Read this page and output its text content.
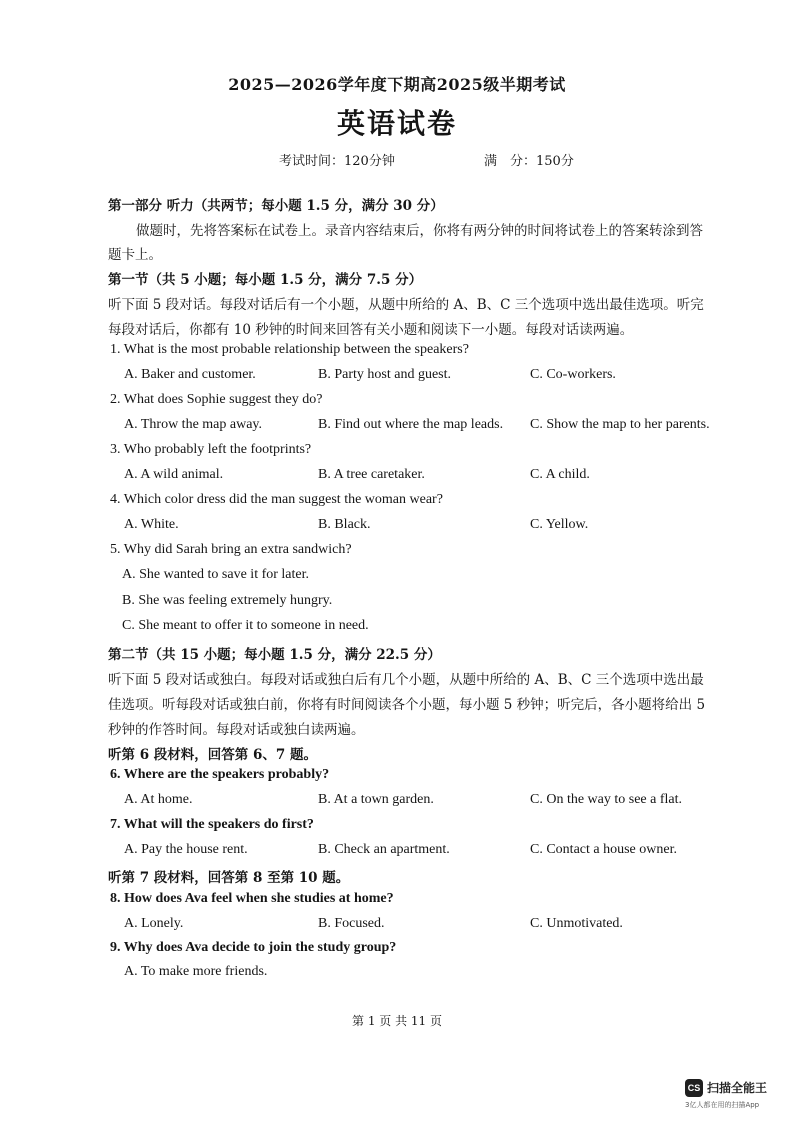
2025—2026学年度下期高2025级半期考试
英语试卷
考试时间：120分钟	满　分：150分
第一部分 听力（共两节；每小题 1.5 分，满分 30 分）
做题时，先将答案标在试卷上。录音内容结束后，你将有两分钟的时间将试卷上的答案转涂到答
题卡上。
第一节（共 5 小题；每小题 1.5 分，满分 7.5 分）
听下面 5 段对话。每段对话后有一个小题，从题中所给的 A、B、C 三个选项中选出最佳选项。听完
每段对话后，你都有 10 秒钟的时间来回答有关小题和阅读下一小题。每段对话读两遍。
1. What is the most probable relationship between the speakers?
A. Baker and customer.	B. Party host and guest.	C. Co-workers.
2. What does Sophie suggest they do?
A. Throw the map away.	B. Find out where the map leads. C. Show the map to her parents.
3. Who probably left the footprints?
A. A wild animal.	B. A tree caretaker.	C. A child.
4. Which color dress did the man suggest the woman wear?
A. White.	B. Black.	C. Yellow.
5. Why did Sarah bring an extra sandwich?
A. She wanted to save it for later.
B. She was feeling extremely hungry.
C. She meant to offer it to someone in need.
第二节（共 15 小题；每小题 1.5 分，满分 22.5 分）
听下面 5 段对话或独白。每段对话或独白后有几个小题，从题中所给的 A、B、C 三个选项中选出最
佳选项。听每段对话或独白前，你将有时间阅读各个小题，每小题 5 秒钟；听完后，各小题将给出 5
秒钟的作答时间。每段对话或独白读两遍。
听第 6 段材料，回答第 6、7 题。
6. Where are the speakers probably?
A. At home.	B. At a town garden.	C. On the way to see a flat.
7. What will the speakers do first?
A. Pay the house rent.	B. Check an apartment.	C. Contact a house owner.
听第 7 段材料，回答第 8 至第 10 题。
8. How does Ava feel when she studies at home?
A. Lonely.	B. Focused.	C. Unmotivated.
9. Why does Ava decide to join the study group?
A. To make more friends.
第 1 页 共 11 页
CS 扫描全能王
3亿人都在用的扫描App
